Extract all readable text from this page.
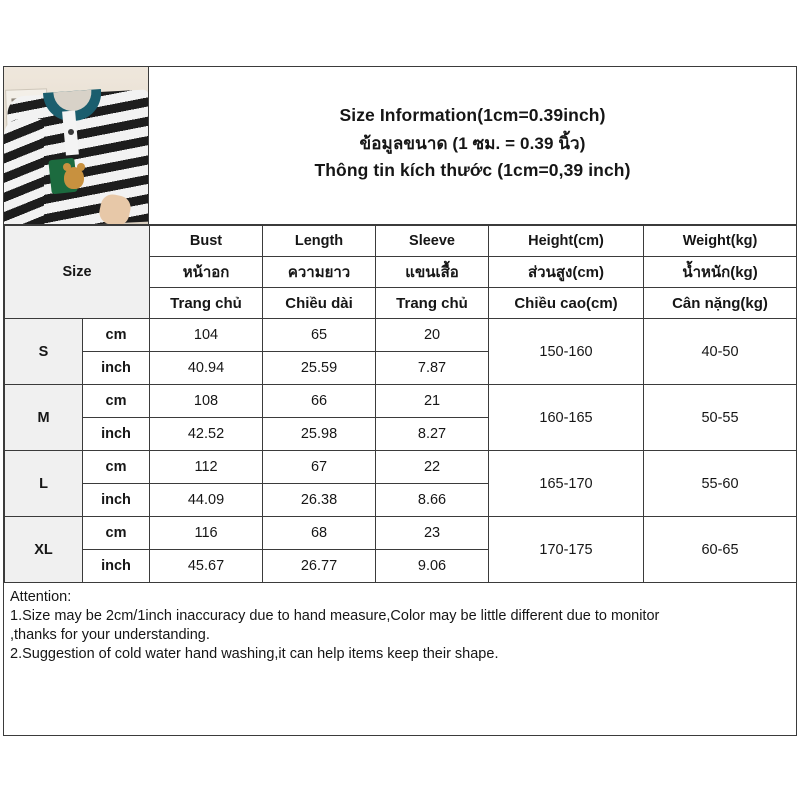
Size Information(1cm=0.39inch)
ข้อมูลขนาด (1 ซม. = 0.39 นิ้ว)
Thông tin kích thước (1cm=0,39 inch)
Size		Bust	Length	Sleeve	Height(cm)	Weight(kg)
		หน้าอก	ความยาว	แขนเสื้อ	ส่วนสูง(cm)	น้ำหนัก(kg)
		Trang chủ	Chiều dài	Trang chủ	Chiều cao(cm)	Cân nặng(kg)
S	cm	104	65	20	150-160	40-50
	inch	40.94	25.59	7.87		
M	cm	108	66	21	160-165	50-55
	inch	42.52	25.98	8.27		
L	cm	112	67	22	165-170	55-60
	inch	44.09	26.38	8.66		
XL	cm	116	68	23	170-175	60-65
	inch	45.67	26.77	9.06		
Attention:
1.Size may be 2cm/1inch inaccuracy due to hand measure,Color may be little different due to monitor
,thanks for your understanding.
2.Suggestion of cold water hand washing,it can help items keep their shape.
